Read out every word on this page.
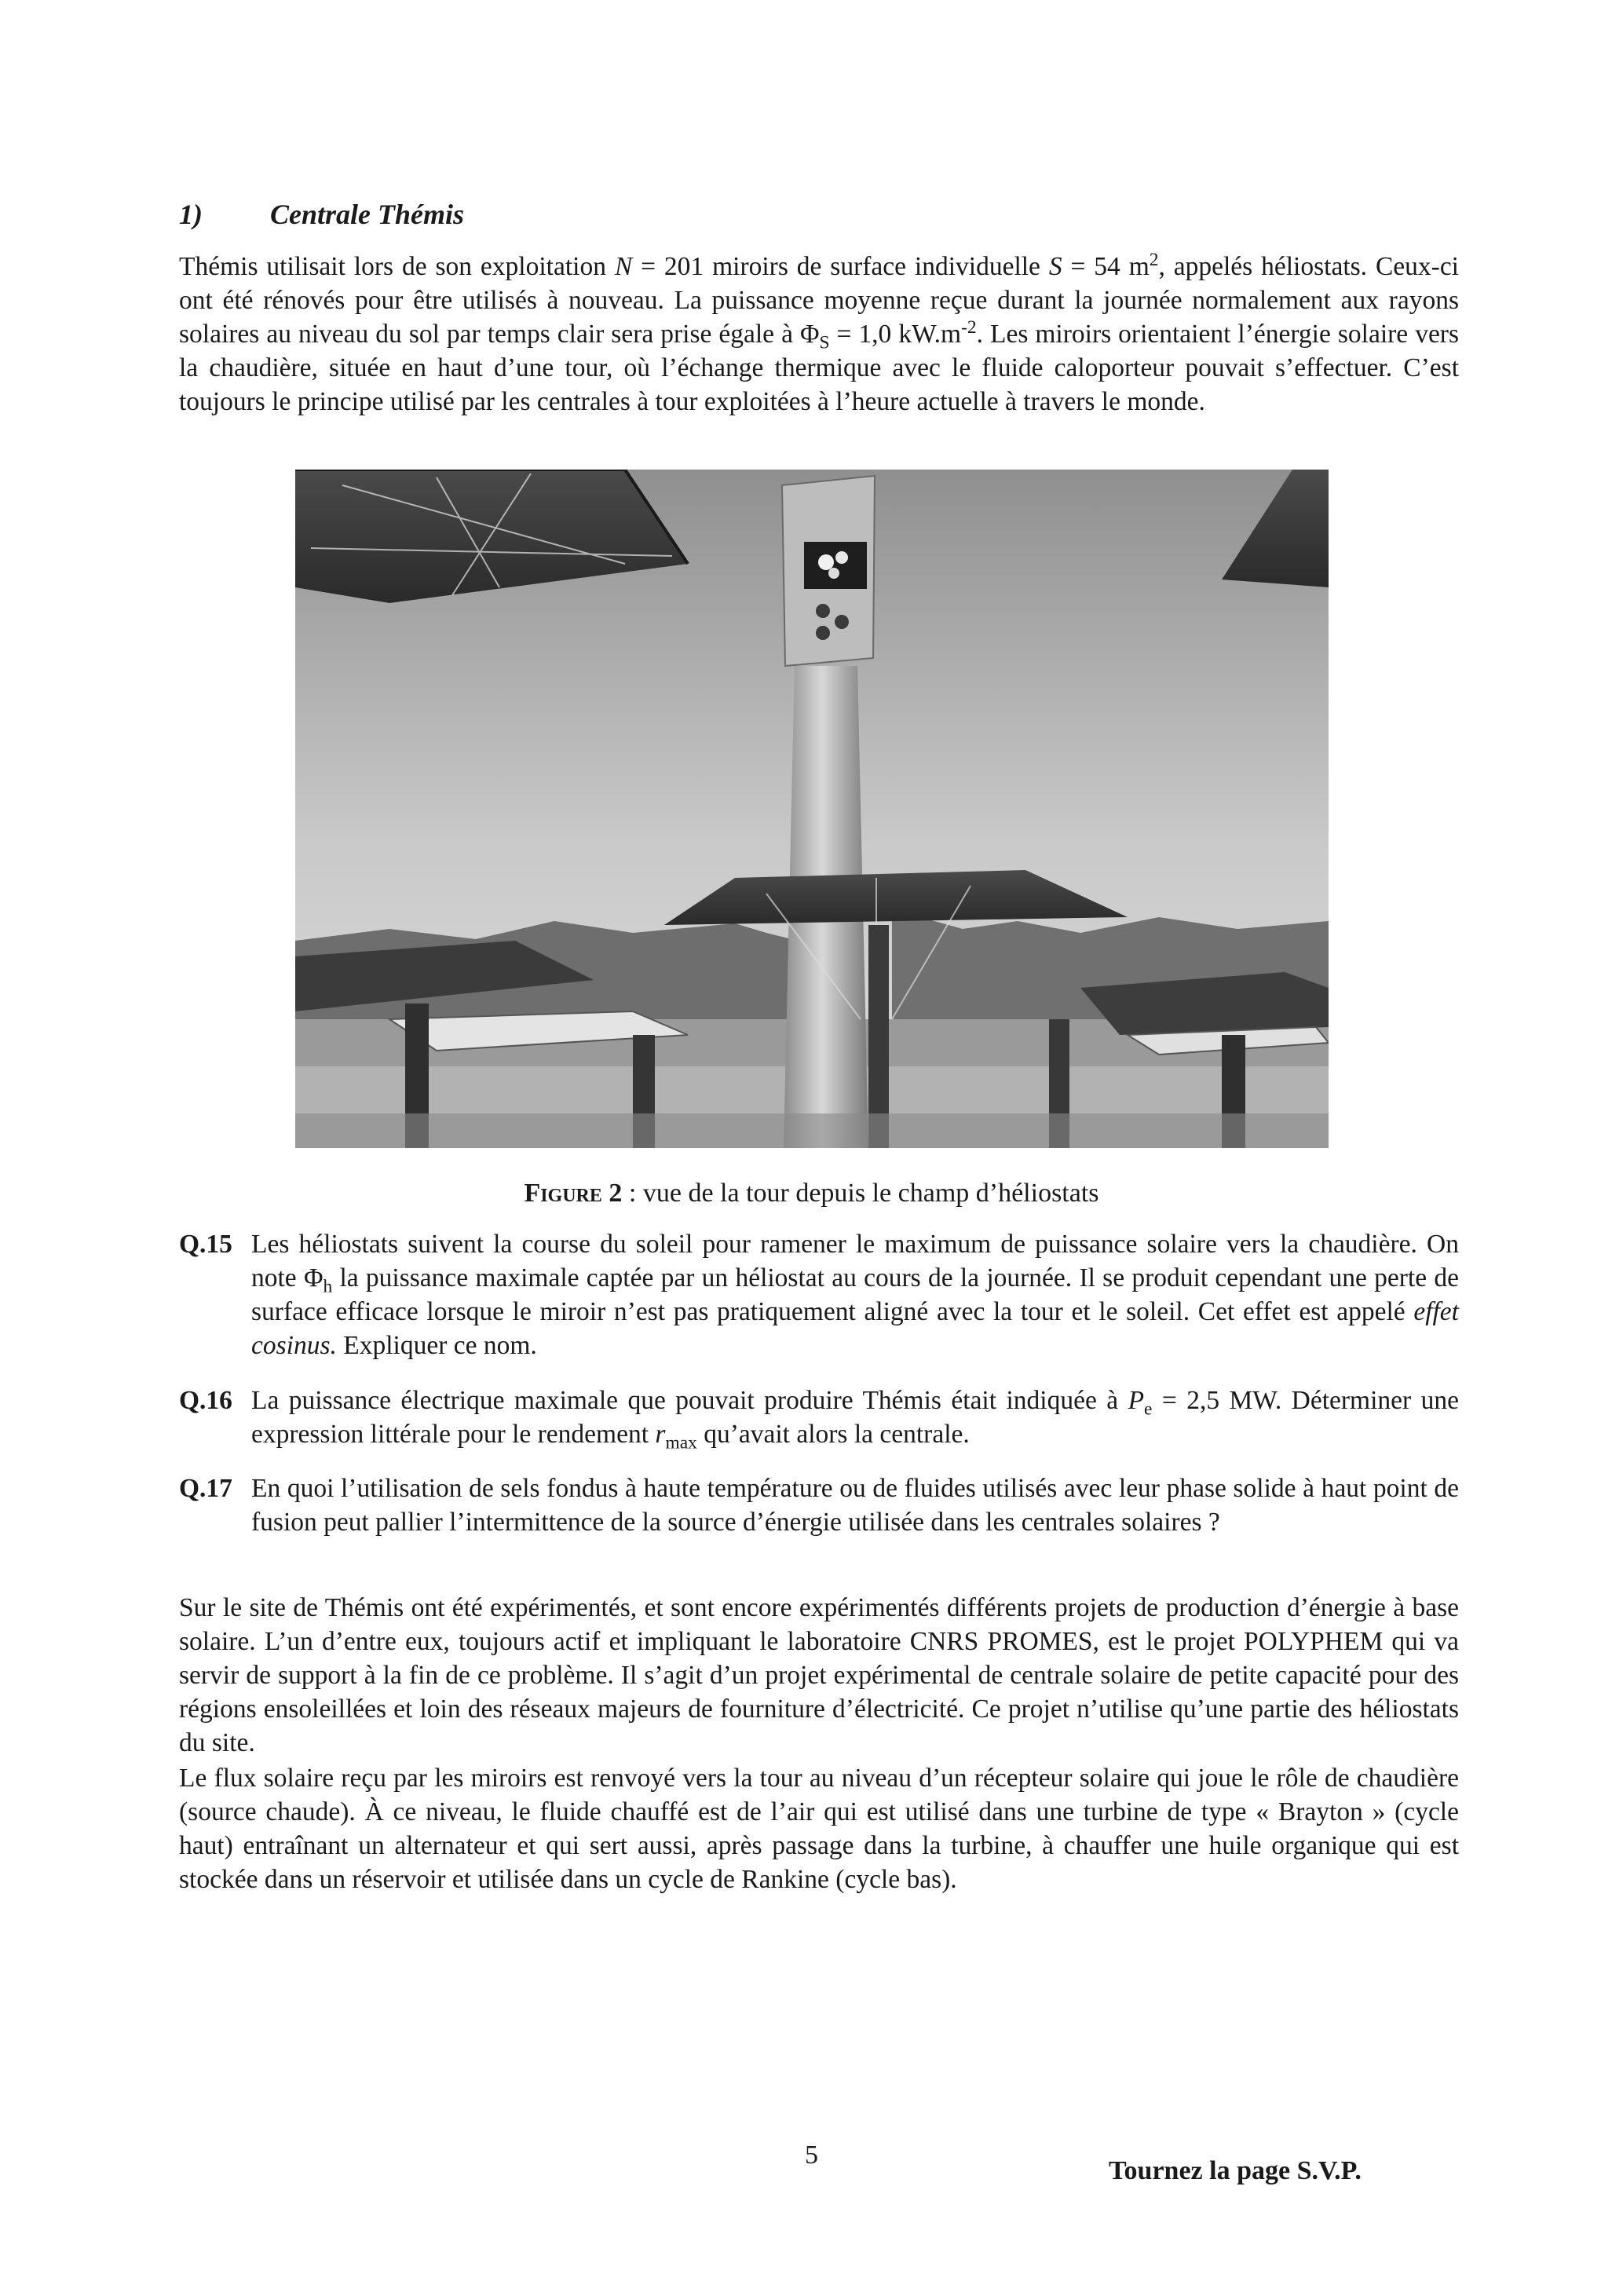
1) Centrale Thémis

Thémis utilisait lors de son exploitation N = 201 miroirs de surface individuelle S = 54 $m^2$, appelés héliostats. Ceux-ci ont été rénovés pour être utilisés à nouveau. La puissance moyenne reçue durant la journée normalement aux rayons solaires au niveau du sol par temps clair sera prise égale à $\Phi_S = 1,0$ $kW.m^{-2}$. Les miroirs orientaient l’énergie solaire vers la chaudière, située en haut d’une tour, où l’échange thermique avec le fluide caloporteur pouvait s’effectuer. C’est toujours le principe utilisé par les centrales à tour exploitées à l’heure actuelle à travers le monde.

Figure 2 : vue de la tour depuis le champ d’héliostats
Q.15 Les héliostats suivent la course du soleil pour ramener le maximum de puissance solaire vers la chaudière. On note $\Phi_h$ la puissance maximale captée par un héliostat au cours de la journée. Il se produit cependant une perte de surface efficace lorsque le miroir n’est pas pratiquement aligné avec la tour et le soleil. Cet effet est appelé effet cosinus. Expliquer ce nom.
Q.16 La puissance électrique maximale que pouvait produire Thémis était indiquée à $P_e = 2,5$ MW. Déterminer une expression littérale pour le rendement $r_{max}$ qu’avait alors la centrale.
Q.17 En quoi l’utilisation de sels fondus à haute température ou de fluides utilisés avec leur phase solide à haut point de fusion peut pallier l’intermittence de la source d’énergie utilisée dans les centrales solaires ?

Sur le site de Thémis ont été expérimentés, et sont encore expérimentés différents projets de production d’énergie à base solaire. L’un d’entre eux, toujours actif et impliquant le laboratoire CNRS PROMES, est le projet POLYPHEM qui va servir de support à la fin de ce problème. Il s’agit d’un projet expérimental de centrale solaire de petite capacité pour des régions ensoleillées et loin des réseaux majeurs de fourniture d’électricité. Ce projet n’utilise qu’une partie des héliostats du site.

Le flux solaire reçu par les miroirs est renvoyé vers la tour au niveau d’un récepteur solaire qui joue le rôle de chaudière (source chaude). À ce niveau, le fluide chauffé est de l’air qui est utilisé dans une turbine de type « Brayton » (cycle haut) entraînant un alternateur et qui sert aussi, après passage dans la turbine, à chauffer une huile organique qui est stockée dans un réservoir et utilisée dans un cycle de Rankine (cycle bas).

5
Tournez la page S.V.P.
